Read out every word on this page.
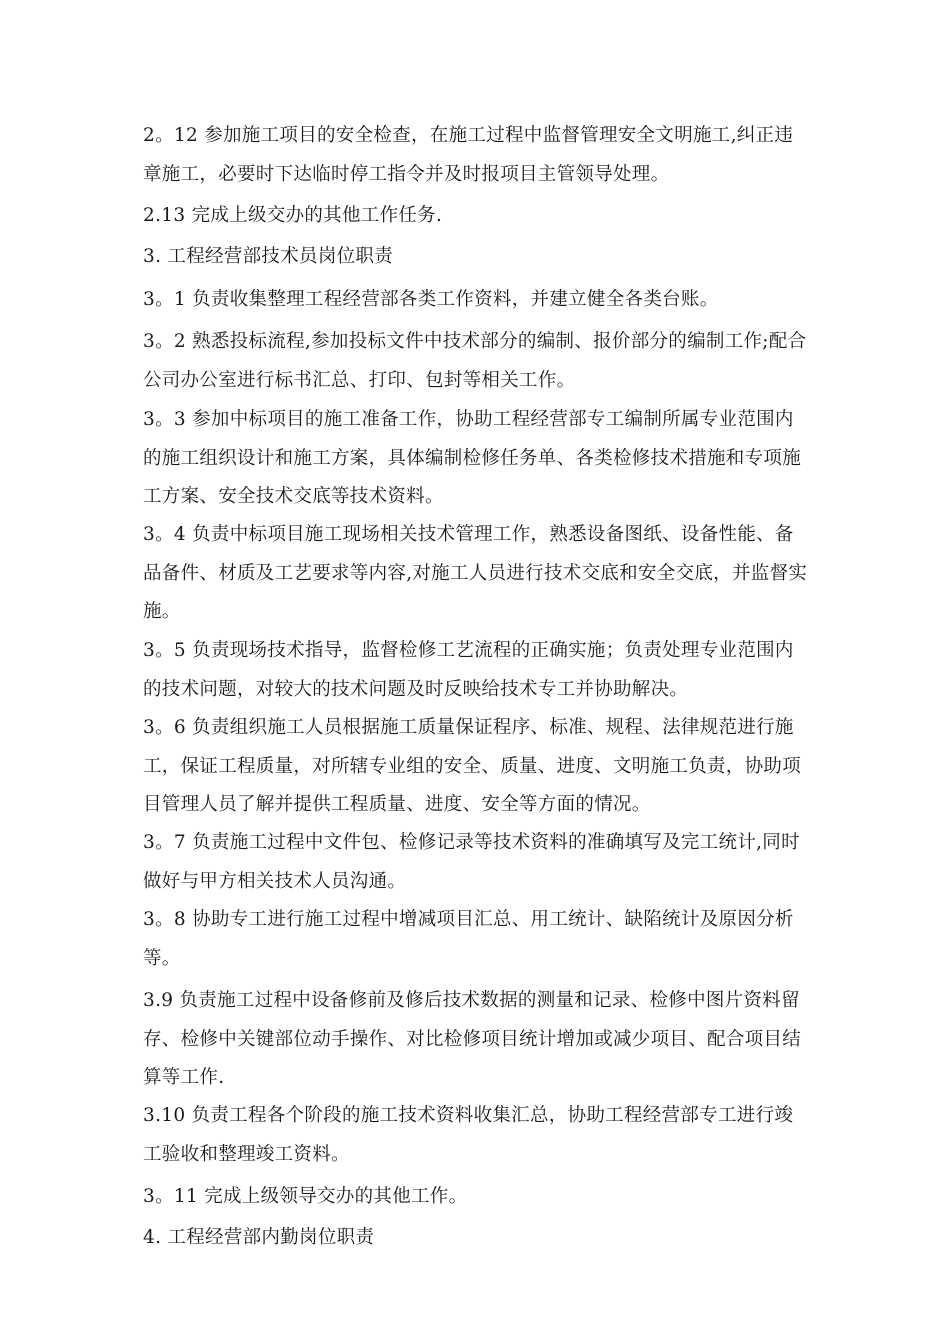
2。12 参加施工项目的安全检查，在施工过程中监督管理安全文明施工,纠正违章施工，必要时下达临时停工指令并及时报项目主管领导处理。

2.13 完成上级交办的其他工作任务.

3. 工程经营部技术员岗位职责

3。1 负责收集整理工程经营部各类工作资料，并建立健全各类台账。

3。2 熟悉投标流程,参加投标文件中技术部分的编制、报价部分的编制工作;配合公司办公室进行标书汇总、打印、包封等相关工作。

3。3 参加中标项目的施工准备工作，协助工程经营部专工编制所属专业范围内的施工组织设计和施工方案，具体编制检修任务单、各类检修技术措施和专项施工方案、安全技术交底等技术资料。

3。4 负责中标项目施工现场相关技术管理工作，熟悉设备图纸、设备性能、备品备件、材质及工艺要求等内容,对施工人员进行技术交底和安全交底，并监督实施。

3。5 负责现场技术指导，监督检修工艺流程的正确实施；负责处理专业范围内的技术问题，对较大的技术问题及时反映给技术专工并协助解决。

3。6 负责组织施工人员根据施工质量保证程序、标准、规程、法律规范进行施工，保证工程质量，对所辖专业组的安全、质量、进度、文明施工负责，协助项目管理人员了解并提供工程质量、进度、安全等方面的情况。

3。7 负责施工过程中文件包、检修记录等技术资料的准确填写及完工统计,同时做好与甲方相关技术人员沟通。

3。8 协助专工进行施工过程中增减项目汇总、用工统计、缺陷统计及原因分析等。

3.9 负责施工过程中设备修前及修后技术数据的测量和记录、检修中图片资料留存、检修中关键部位动手操作、对比检修项目统计增加或减少项目、配合项目结算等工作.

3.10 负责工程各个阶段的施工技术资料收集汇总，协助工程经营部专工进行竣工验收和整理竣工资料。

3。11 完成上级领导交办的其他工作。

4. 工程经营部内勤岗位职责
